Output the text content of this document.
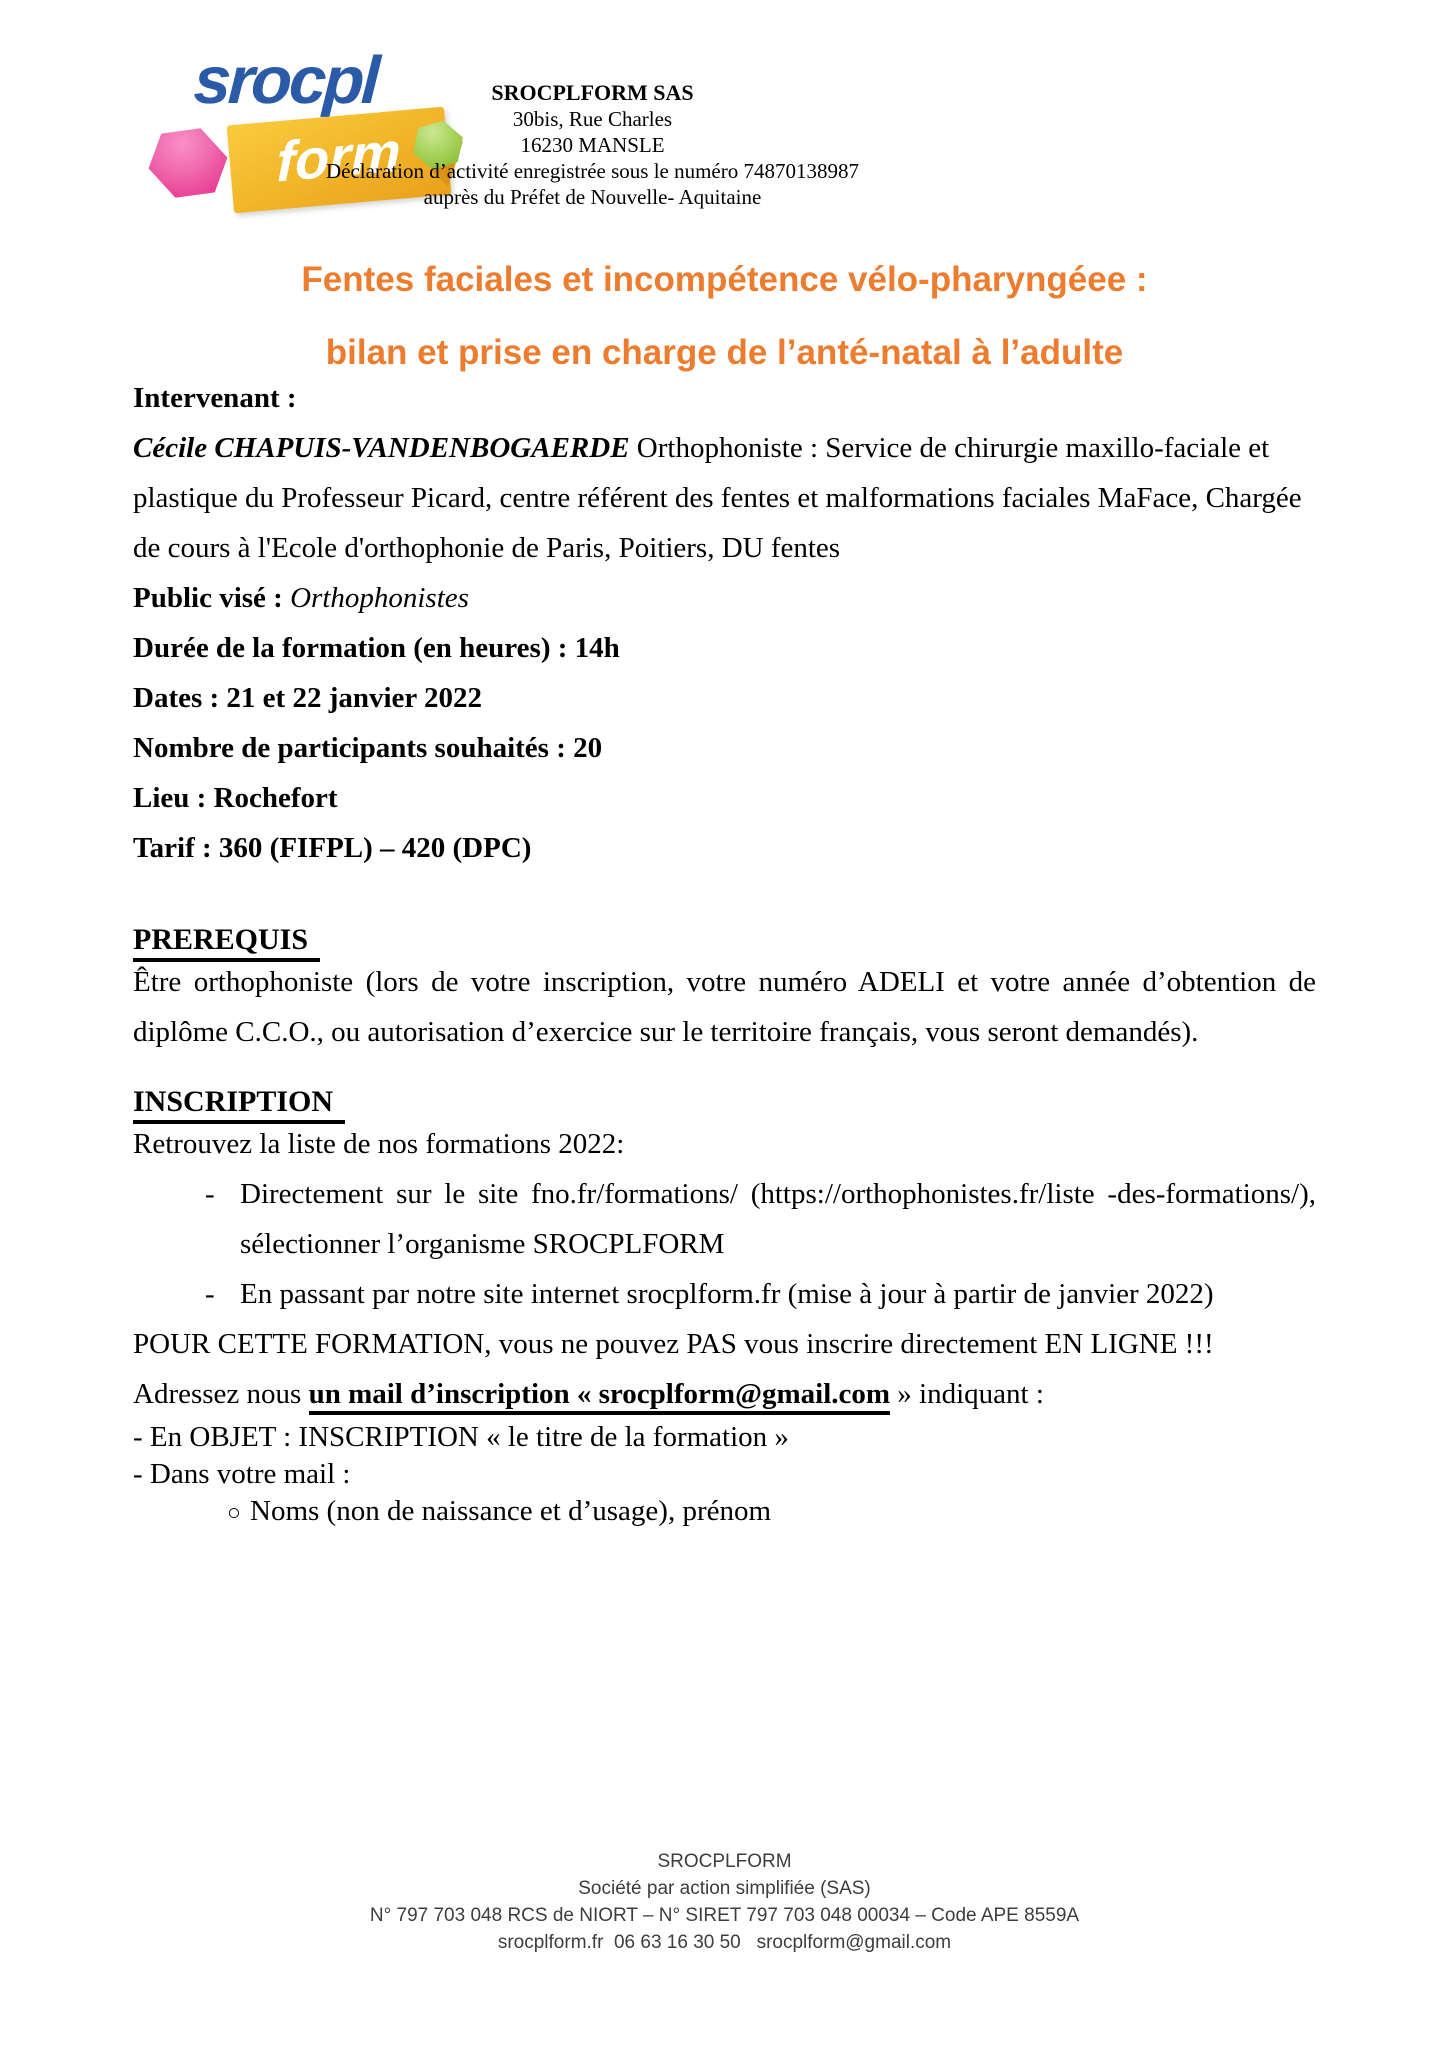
srocpl
form
SROCPLFORM SAS
30bis, Rue Charles
16230 MANSLE
Déclaration d’activité enregistrée sous le numéro 74870138987
auprès du Préfet de Nouvelle- Aquitaine
Fentes faciales et incompétence vélo-pharyngéee :
bilan et prise en charge de l’anté-natal à l’adulte

Intervenant :

Cécile CHAPUIS-VANDENBOGAERDE Orthophoniste : Service de chirurgie maxillo-faciale et plastique du Professeur Picard, centre référent des fentes et malformations faciales MaFace, Chargée de cours à l'Ecole d'orthophonie de Paris, Poitiers, DU fentes

Public visé : Orthophonistes

Durée de la formation (en heures) : 14h

Dates : 21 et 22 janvier 2022

Nombre de participants souhaités : 20

Lieu : Rochefort

Tarif : 360 (FIFPL) – 420 (DPC)

PREREQUIS

Être orthophoniste (lors de votre inscription, votre numéro ADELI et votre année d’obtention de diplôme C.C.O., ou autorisation d’exercice sur le territoire français, vous seront demandés).

INSCRIPTION

Retrouvez la liste de nos formations 2022:

- Directement sur le site fno.fr/formations/ (https://orthophonistes.fr/liste -des-formations/), sélectionner l’organisme SROCPLFORM
- En passant par notre site internet srocplform.fr (mise à jour à partir de janvier 2022)

POUR CETTE FORMATION, vous ne pouvez PAS vous inscrire directement EN LIGNE !!!

Adressez nous un mail d’inscription « srocplform@gmail.com » indiquant :

- En OBJET : INSCRIPTION « le titre de la formation »

- Dans votre mail :

○ Noms (non de naissance et d’usage), prénom

SROCPLFORM
Société par action simplifiée (SAS)
N° 797 703 048 RCS de NIORT – N° SIRET 797 703 048 00034 – Code APE 8559A
srocplform.fr  06 63 16 30 50   srocplform@gmail.com
